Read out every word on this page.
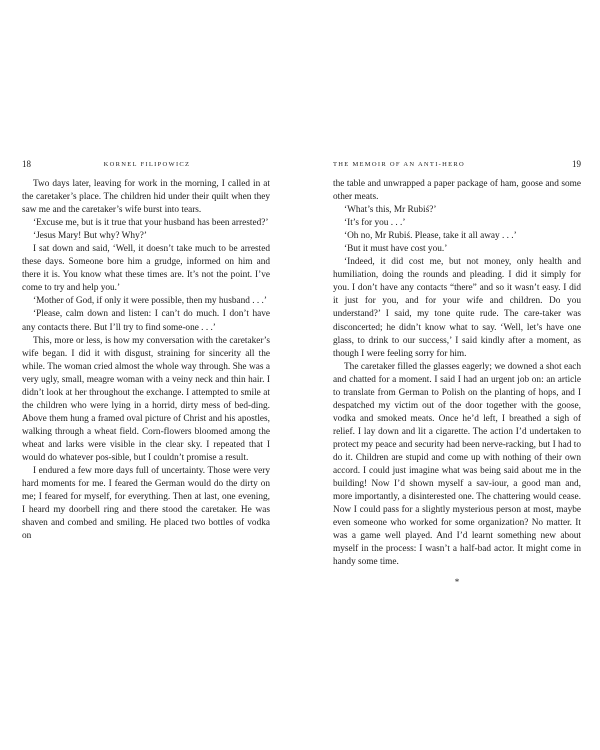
18	KORNEL FILIPOWICZ

Two days later, leaving for work in the morning, I called in at the caretaker’s place. The children hid under their quilt when they saw me and the caretaker’s wife burst into tears.

‘Excuse me, but is it true that your husband has been arrested?’

‘Jesus Mary! But why? Why?’

I sat down and said, ‘Well, it doesn’t take much to be arrested these days. Someone bore him a grudge, informed on him and there it is. You know what these times are. It’s not the point. I’ve come to try and help you.’

‘Mother of God, if only it were possible, then my husband . . .’

‘Please, calm down and listen: I can’t do much. I don’t have any contacts there. But I’ll try to find some-one . . .’

This, more or less, is how my conversation with the caretaker’s wife began. I did it with disgust, straining for sincerity all the while. The woman cried almost the whole way through. She was a very ugly, small, meagre woman with a veiny neck and thin hair. I didn’t look at her throughout the exchange. I attempted to smile at the children who were lying in a horrid, dirty mess of bed-ding. Above them hung a framed oval picture of Christ and his apostles, walking through a wheat field. Corn-flowers bloomed among the wheat and larks were visible in the clear sky. I repeated that I would do whatever pos-sible, but I couldn’t promise a result.

I endured a few more days full of uncertainty. Those were very hard moments for me. I feared the German would do the dirty on me; I feared for myself, for everything. Then at last, one evening, I heard my doorbell ring and there stood the caretaker. He was shaven and combed and smiling. He placed two bottles of vodka on

THE MEMOIR OF AN ANTI-HERO	19

the table and unwrapped a paper package of ham, goose and some other meats.

‘What’s this, Mr Rubiś?’

‘It’s for you . . .’

‘Oh no, Mr Rubiś. Please, take it all away . . .’

‘But it must have cost you.’

‘Indeed, it did cost me, but not money, only health and humiliation, doing the rounds and pleading. I did it simply for you. I don’t have any contacts “there” and so it wasn’t easy. I did it just for you, and for your wife and children. Do you understand?’ I said, my tone quite rude. The care-taker was disconcerted; he didn’t know what to say. ‘Well, let’s have one glass, to drink to our success,’ I said kindly after a moment, as though I were feeling sorry for him.

The caretaker filled the glasses eagerly; we downed a shot each and chatted for a moment. I said I had an urgent job on: an article to translate from German to Polish on the planting of hops, and I despatched my victim out of the door together with the goose, vodka and smoked meats. Once he’d left, I breathed a sigh of relief. I lay down and lit a cigarette. The action I’d undertaken to protect my peace and security had been nerve-racking, but I had to do it. Children are stupid and come up with nothing of their own accord. I could just imagine what was being said about me in the building! Now I’d shown myself a sav-iour, a good man and, more importantly, a disinterested one. The chattering would cease. Now I could pass for a slightly mysterious person at most, maybe even someone who worked for some organization? No matter. It was a game well played. And I’d learnt something new about myself in the process: I wasn’t a half-bad actor. It might come in handy some time.

*
